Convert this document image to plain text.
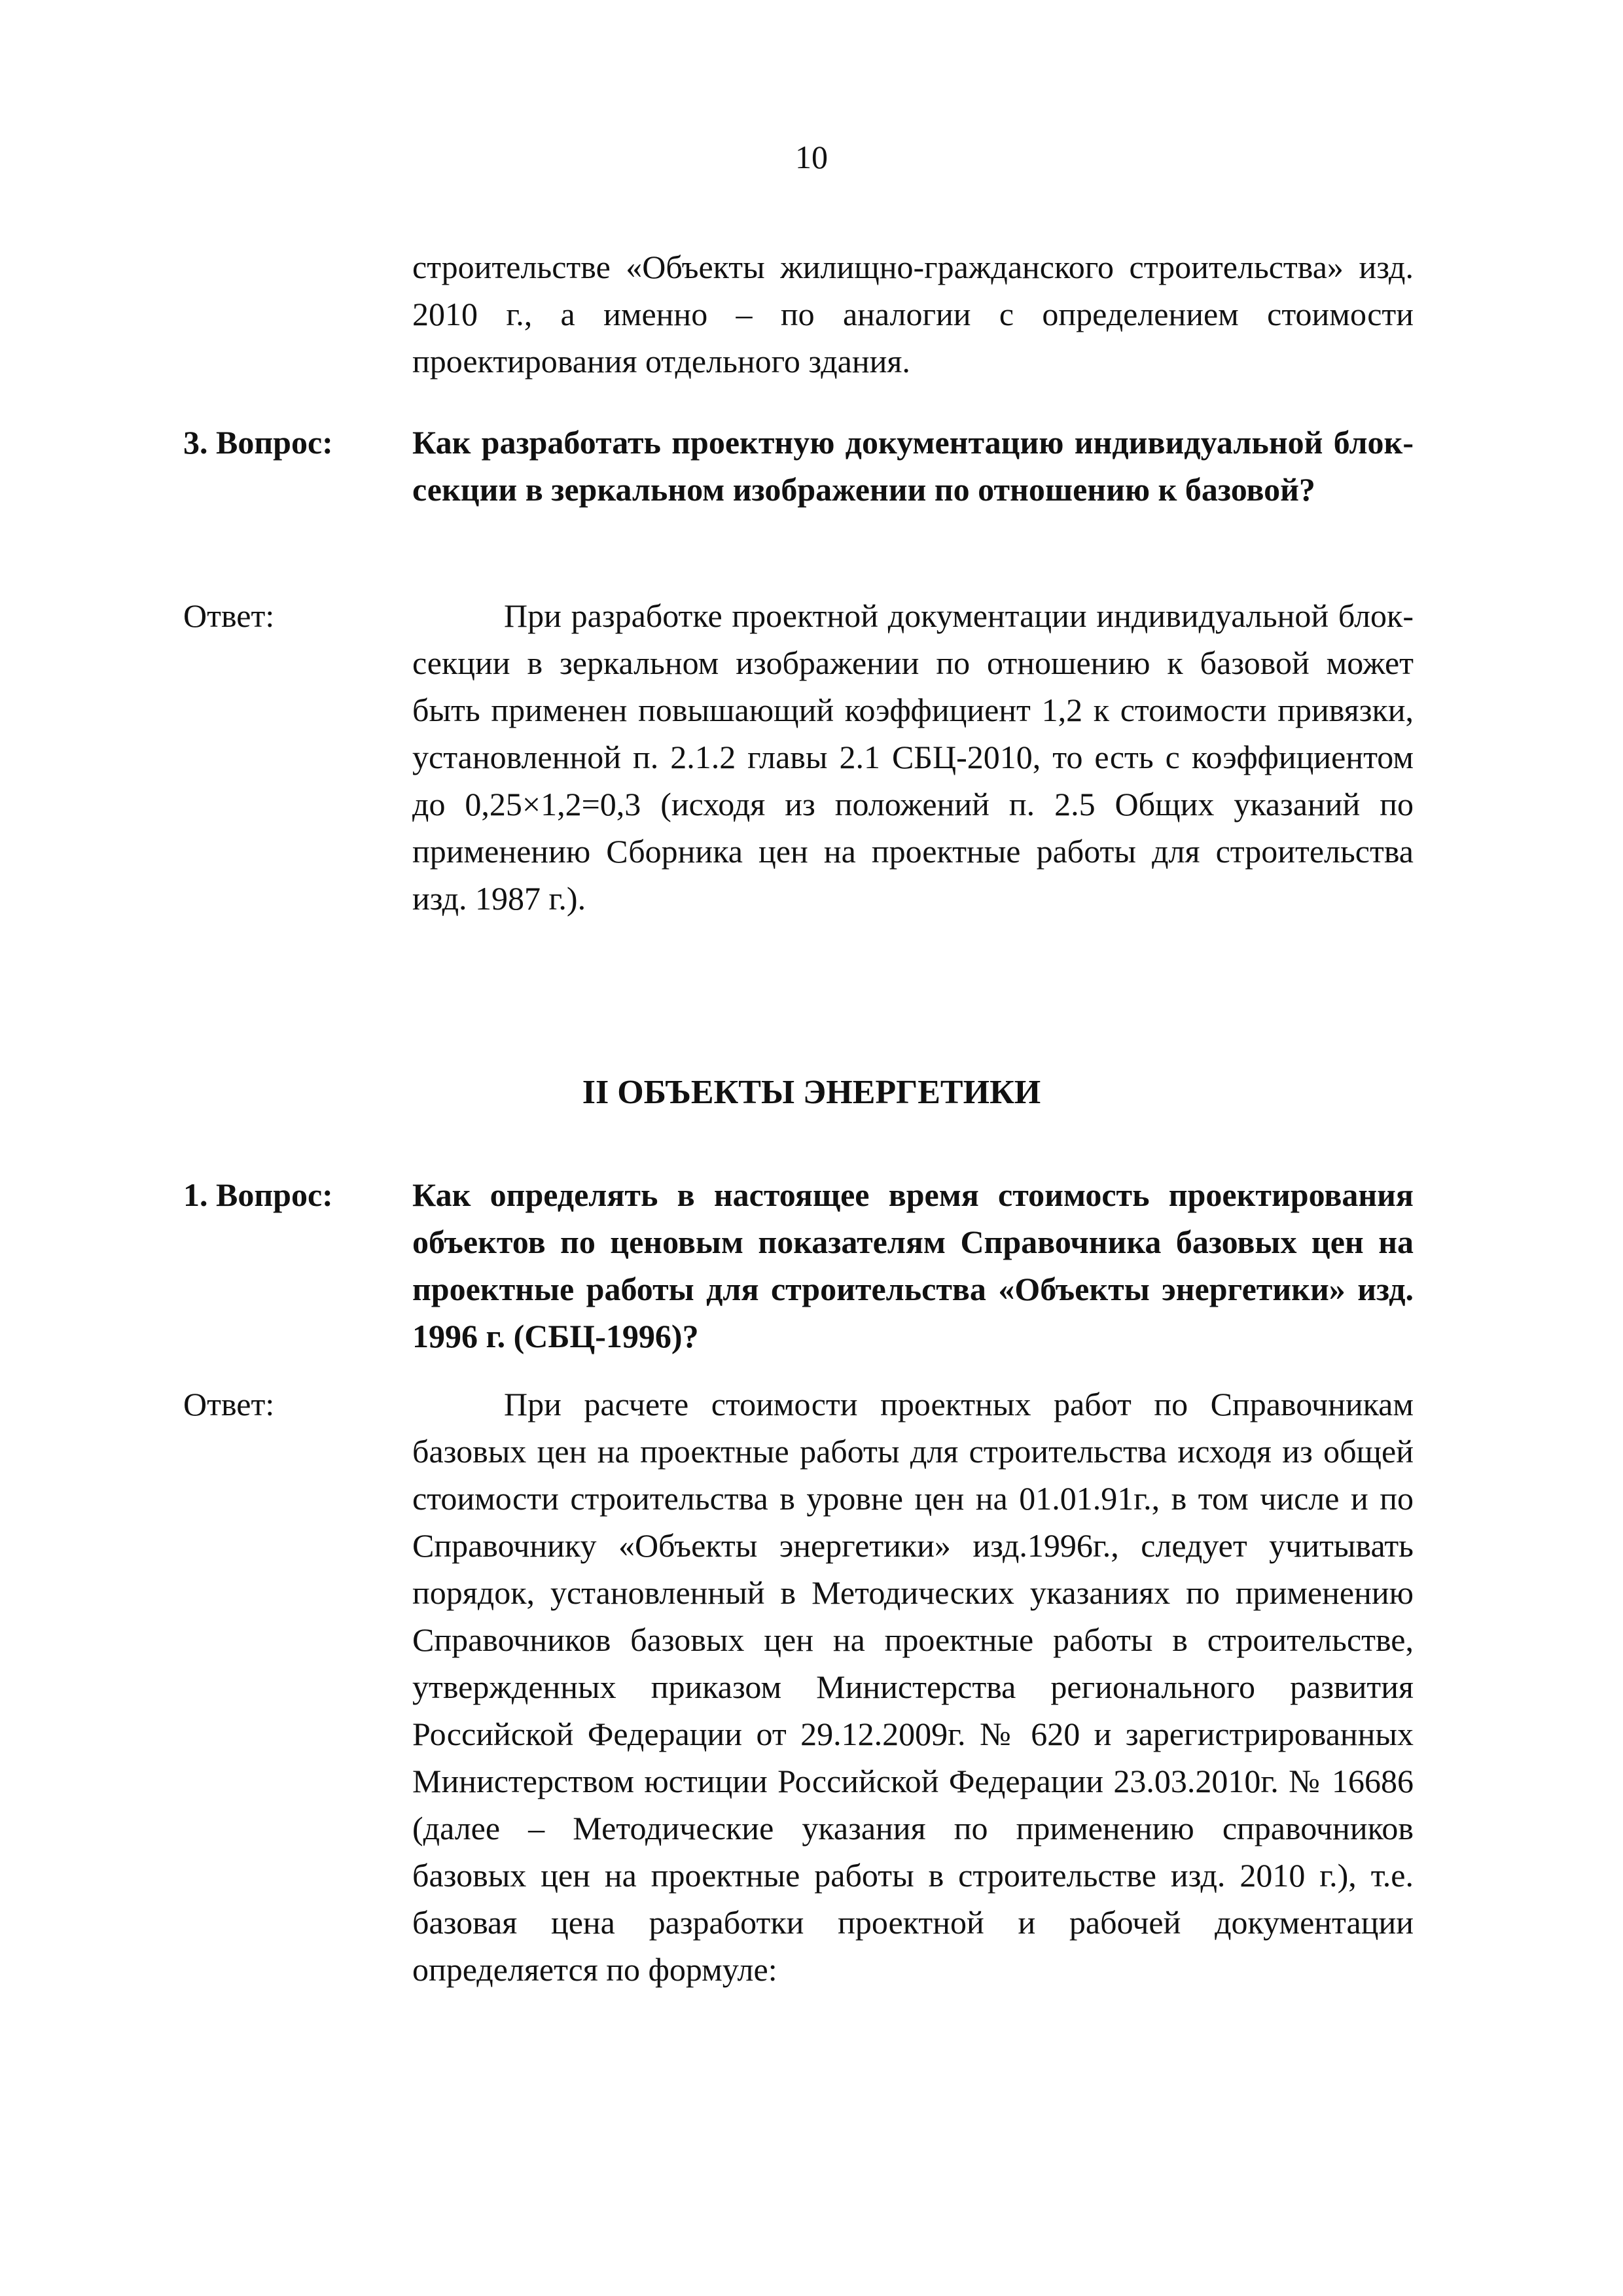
10
строительстве «Объекты жилищно-гражданского строительства» изд. 2010 г., а именно – по аналогии с определением стоимости проектирования отдельного здания.
3. Вопрос: Как разработать проектную документацию индивидуальной блок-секции в зеркальном изображении по отношению к базовой?
Ответ:	При разработке проектной документации индивидуальной блок-секции в зеркальном изображении по отношению к базовой может быть применен повышающий коэффициент 1,2 к стоимости привязки, установленной п. 2.1.2 главы 2.1 СБЦ-2010, то есть с коэффициентом до 0,25×1,2=0,3 (исходя из положений п. 2.5 Общих указаний по применению Сборника цен на проектные работы для строительства изд. 1987 г.).
II ОБЪЕКТЫ ЭНЕРГЕТИКИ
1. Вопрос: Как определять в настоящее время стоимость проектирования объектов по ценовым показателям Справочника базовых цен на проектные работы для строительства «Объекты энергетики» изд. 1996 г. (СБЦ-1996)?
Ответ:	При расчете стоимости проектных работ по Справочникам базовых цен на проектные работы для строительства исходя из общей стоимости строительства в уровне цен на 01.01.91г., в том числе и по Справочнику «Объекты энергетики» изд.1996г., следует учитывать порядок, установленный в Методических указаниях по применению Справочников базовых цен на проектные работы в строительстве, утвержденных приказом Министерства регионального развития Российской Федерации от 29.12.2009г. № 620 и зарегистрированных Министерством юстиции Российской Федерации 23.03.2010г. № 16686 (далее – Методические указания по применению справочников базовых цен на проектные работы в строительстве изд. 2010 г.), т.е. базовая цена разработки проектной и рабочей документации определяется по формуле:
